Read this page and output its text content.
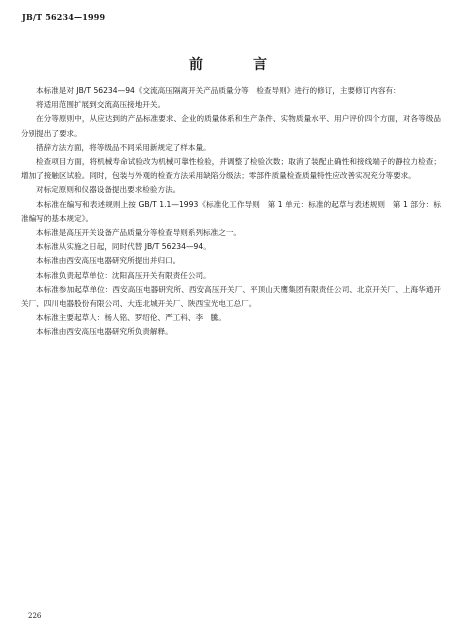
JB/T 56234—1999
前　言

本标准是对 JB/T 56234—94《交流高压隔离开关产品质量分等　检查导则》进行的修订，主要修订内容有：

将适用范围扩展到交流高压接地开关。

在分等原则中，从应达到的产品标准要求、企业的质量体系和生产条件、实物质量水平、用户评价四个方面，对各等级品分别提出了要求。

措辞方法方面，将等级品不同采用新规定了样本量。

检查项目方面，将机械寿命试验改为机械可靠性检验，并调整了检验次数；取消了装配止确性和接线端子的静拉力检查；增加了接触区试验。同时，包装与外观的检查方法采用缺陷分级法；零部件质量检查质量特性应改善实况充分等要求。

对标定原则和仪器设备提出要求检验方法。

本标准在编写和表述规则上按 GB/T 1.1—1993《标准化工作导则　第 1 单元：标准的起草与表述规则　第 1 部分：标准编写的基本规定》。

本标准是高压开关设备产品质量分等检查导则系列标准之一。

本标准从实施之日起，同时代替 JB/T 56234—94。

本标准由西安高压电器研究所提出并归口。

本标准负责起草单位：沈阳高压开关有限责任公司。

本标准参加起草单位：西安高压电器研究所、西安高压开关厂、平顶山天鹰集团有限责任公司、北京开关厂、上海华通开关厂、四川电器股份有限公司、大连北城开关厂、陕西宝光电工总厂。

本标准主要起草人：杨人铭、罗绍伦、严工科、李　騰。

本标准由西安高压电器研究所负责解释。

226
